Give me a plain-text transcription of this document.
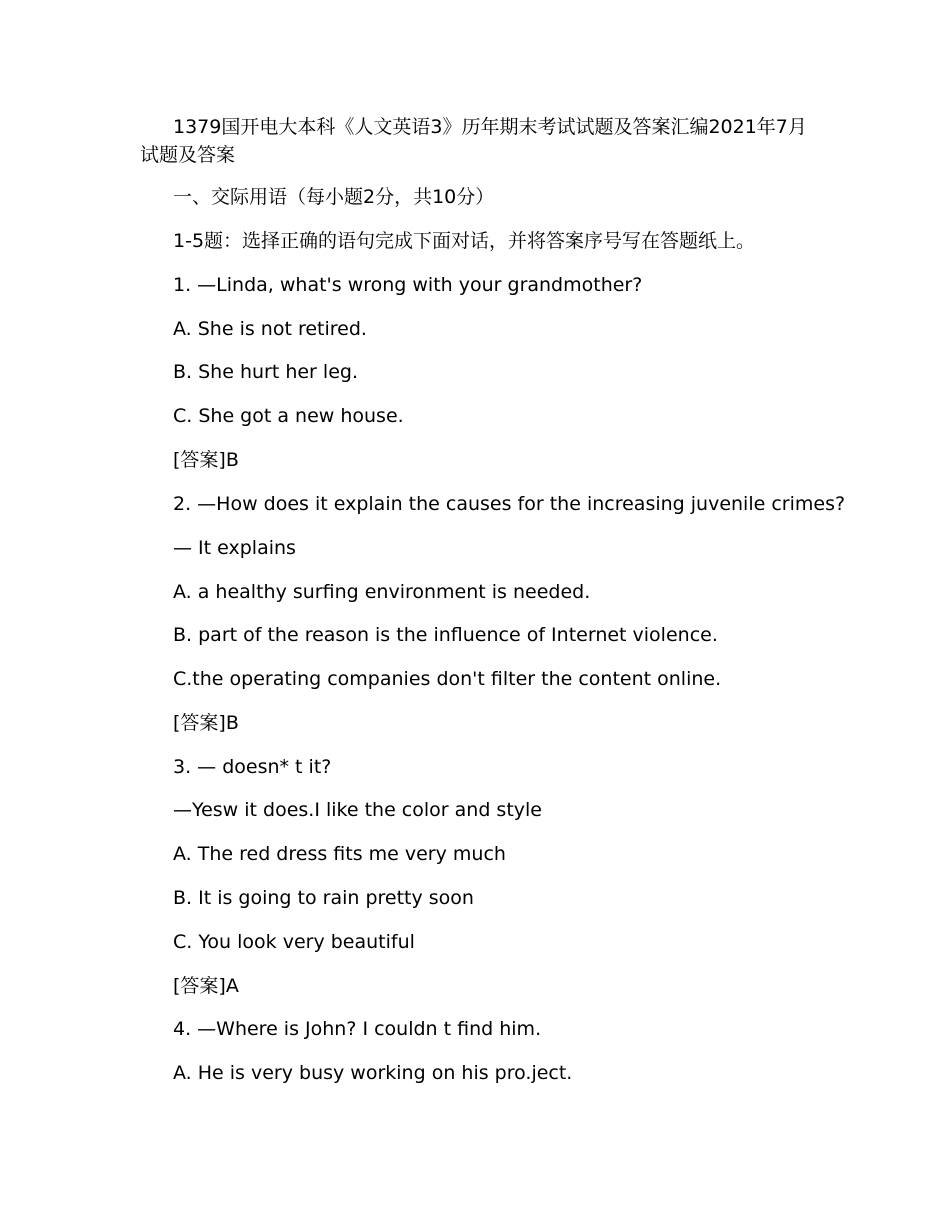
1379国开电大本科《人文英语3》历年期末考试试题及答案汇编2021年7月试题及答案

一、交际用语（每小题2分，共10分）

1-5题：选择正确的语句完成下面对话，并将答案序号写在答题纸上。

1. —Linda, what's wrong with your grandmother?

A. She is not retired.

B. She hurt her leg.

C. She got a new house.

[答案]B

2. —How does it explain the causes for the increasing juvenile crimes?

— It explains

A. a healthy surfing environment is needed.

B. part of the reason is the influence of Internet violence.

C.the operating companies don't filter the content online.

[答案]B

3. — doesn* t it?

—Yesw it does.I like the color and style

A. The red dress fits me very much

B. It is going to rain pretty soon

C. You look very beautiful

[答案]A

4. —Where is John? I couldn t find him.

A. He is very busy working on his pro.ject.
